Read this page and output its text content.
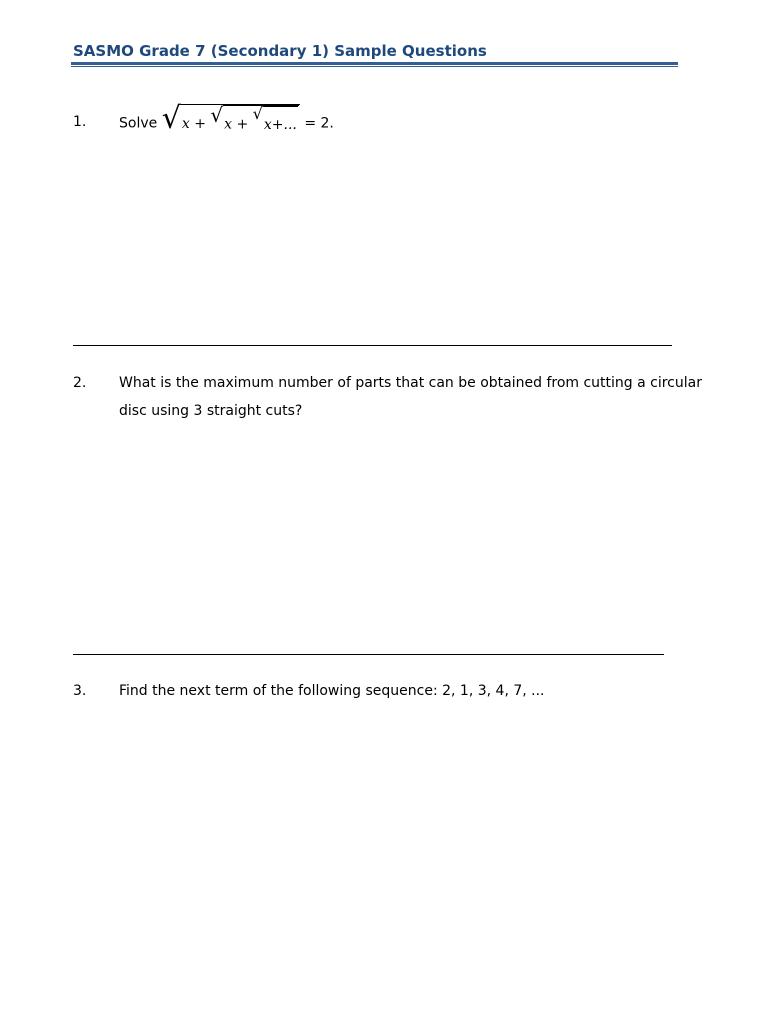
SASMO Grade 7 (Secondary 1) Sample Questions
1. Solve √ x + √ x +
√
x+... = 2.
2. What is the maximum number of parts that can be obtained from cutting a circular
disc using 3 straight cuts?
3. Find the next term of the following sequence: 2, 1, 3, 4, 7, ...
